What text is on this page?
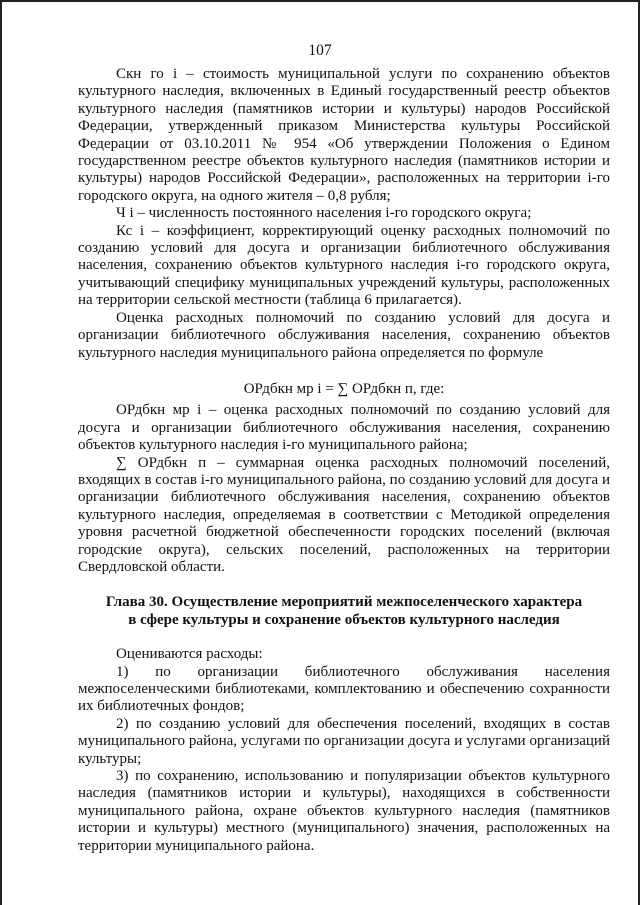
107

Скн го i – стоимость муниципальной услуги по сохранению объектов культурного наследия, включенных в Единый государственный реестр объектов культурного наследия (памятников истории и культуры) народов Российской Федерации, утвержденный приказом Министерства культуры Российской Федерации от 03.10.2011 № 954 «Об утверждении Положения о Едином государственном реестре объектов культурного наследия (памятников истории и культуры) народов Российской Федерации», расположенных на территории i-го городского округа, на одного жителя – 0,8 рубля;

Ч i – численность постоянного населения i-го городского округа;

Кс i – коэффициент, корректирующий оценку расходных полномочий по созданию условий для досуга и организации библиотечного обслуживания населения, сохранению объектов культурного наследия i-го городского округа, учитывающий специфику муниципальных учреждений культуры, расположенных на территории сельской местности (таблица 6 прилагается).

Оценка расходных полномочий по созданию условий для досуга и организации библиотечного обслуживания населения, сохранению объектов культурного наследия муниципального района определяется по формуле

ОРдбкн мр i = ∑ ОРдбкн п, где:

ОРдбкн мр i – оценка расходных полномочий по созданию условий для досуга и организации библиотечного обслуживания населения, сохранению объектов культурного наследия i-го муниципального района;

∑ ОРдбкн п – суммарная оценка расходных полномочий поселений, входящих в состав i-го муниципального района, по созданию условий для досуга и организации библиотечного обслуживания населения, сохранению объектов культурного наследия, определяемая в соответствии с Методикой определения уровня расчетной бюджетной обеспеченности городских поселений (включая городские округа), сельских поселений, расположенных на территории Свердловской области.

Глава 30. Осуществление мероприятий межпоселенческого характера
в сфере культуры и сохранение объектов культурного наследия

Оцениваются расходы:

1) по организации библиотечного обслуживания населения межпоселенческими библиотеками, комплектованию и обеспечению сохранности их библиотечных фондов;

2) по созданию условий для обеспечения поселений, входящих в состав муниципального района, услугами по организации досуга и услугами организаций культуры;

3) по сохранению, использованию и популяризации объектов культурного наследия (памятников истории и культуры), находящихся в собственности муниципального района, охране объектов культурного наследия (памятников истории и культуры) местного (муниципального) значения, расположенных на территории муниципального района.
